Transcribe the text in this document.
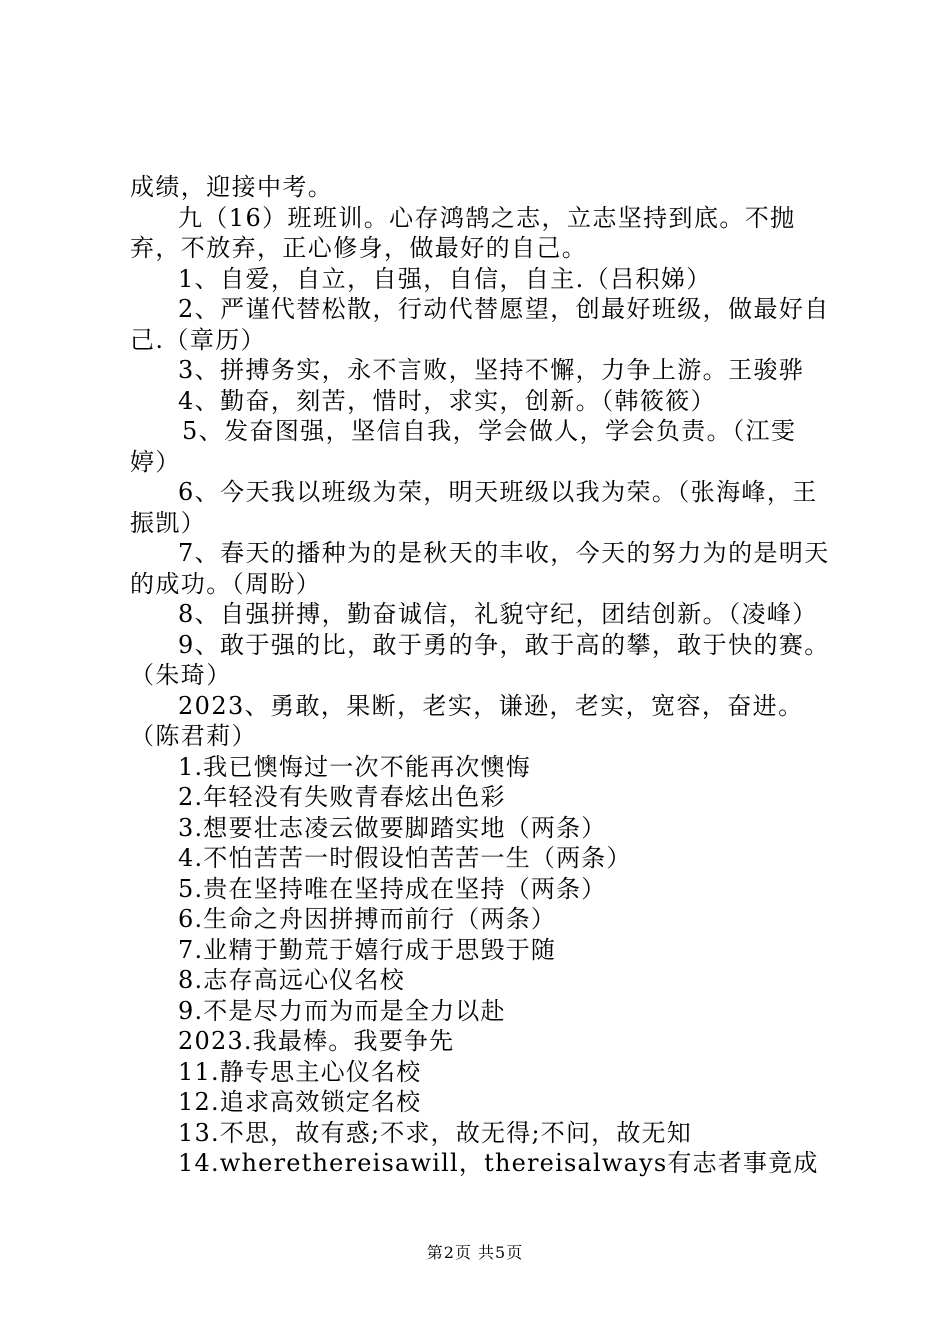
成绩，迎接中考。

九（16）班班训。心存鸿鹄之志，立志坚持到底。不抛弃，不放弃，正心修身，做最好的自己。

1、自爱，自立，自强，自信，自主.（吕积娣）

2、严谨代替松散，行动代替愿望，创最好班级，做最好自己.（章历）

3、拼搏务实，永不言败，坚持不懈，力争上游。王骏骅

4、勤奋，刻苦，惜时，求实，创新。（韩筱筱）

5、发奋图强，坚信自我，学会做人，学会负责。（江雯婷）

6、今天我以班级为荣，明天班级以我为荣。（张海峰，王振凯）

7、春天的播种为的是秋天的丰收，今天的努力为的是明天的成功。（周盼）

8、自强拼搏，勤奋诚信，礼貌守纪，团结创新。（凌峰）

9、敢于强的比，敢于勇的争，敢于高的攀，敢于快的赛。（朱琦）

2023、勇敢，果断，老实，谦逊，老实，宽容，奋进。（陈君莉）

1.我已懊悔过一次不能再次懊悔

2.年轻没有失败青春炫出色彩

3.想要壮志凌云做要脚踏实地（两条）

4.不怕苦苦一时假设怕苦苦一生（两条）

5.贵在坚持唯在坚持成在坚持（两条）

6.生命之舟因拼搏而前行（两条）

7.业精于勤荒于嬉行成于思毁于随

8.志存高远心仪名校

9.不是尽力而为而是全力以赴

2023.我最棒。我要争先

11.静专思主心仪名校

12.追求高效锁定名校

13.不思，故有惑;不求，故无得;不问，故无知

14.wherethereisawill，thereisalways有志者事竟成

第2页 共5页
